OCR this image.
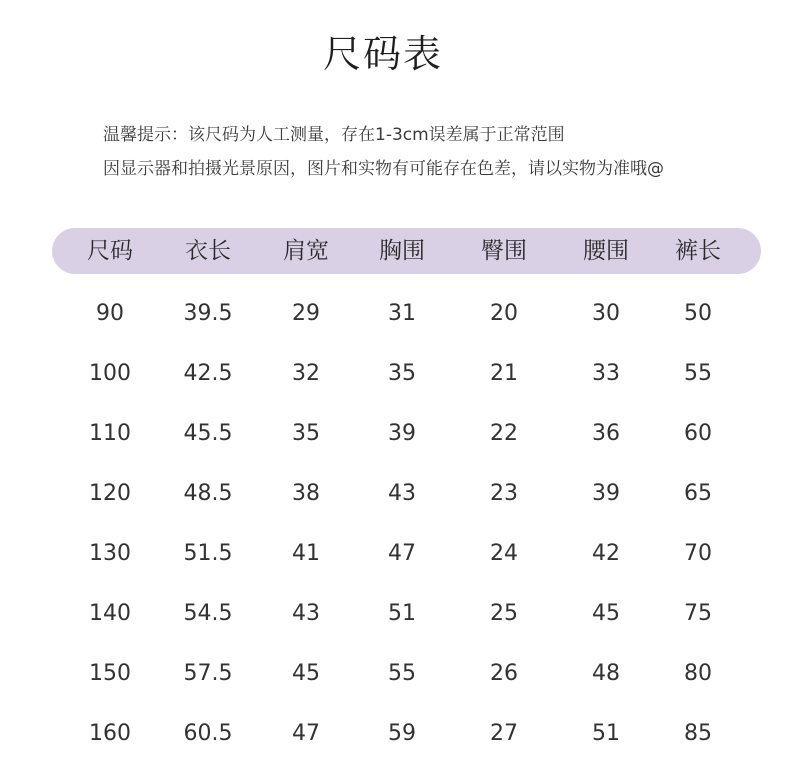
尺码表
温馨提示：该尺码为人工测量，存在1-3cm误差属于正常范围
因显示器和拍摄光景原因，图片和实物有可能存在色差，请以实物为准哦@
尺码	衣长	肩宽	胸围	臀围	腰围	裤长
90	39.5	29	31	20	30	50
100	42.5	32	35	21	33	55
110	45.5	35	39	22	36	60
120	48.5	38	43	23	39	65
130	51.5	41	47	24	42	70
140	54.5	43	51	25	45	75
150	57.5	45	55	26	48	80
160	60.5	47	59	27	51	85
